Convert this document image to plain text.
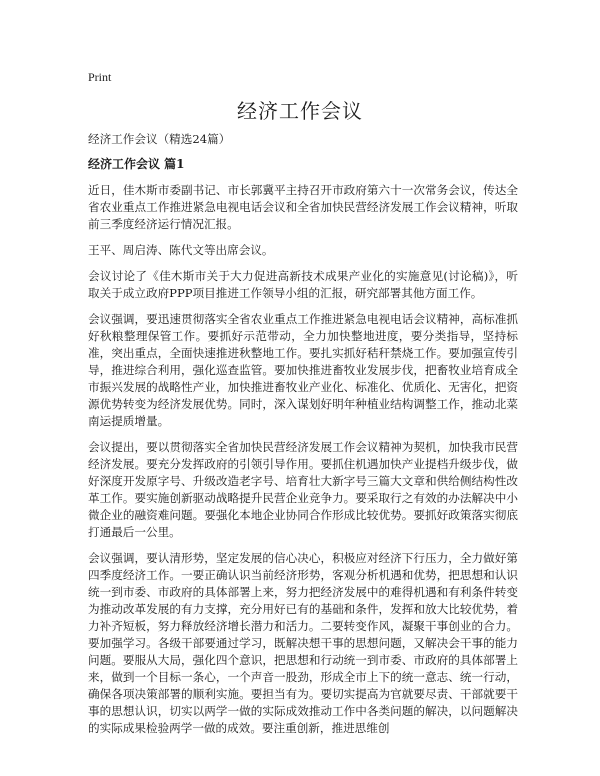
Print
经济工作会议

经济工作会议（精选24篇）

经济工作会议 篇1

近日，佳木斯市委副书记、市长郭冀平主持召开市政府第六十一次常务会议，传达全省农业重点工作推进紧急电视电话会议和全省加快民营经济发展工作会议精神，听取前三季度经济运行情况汇报。

王平、周启涛、陈代文等出席会议。

会议讨论了《佳木斯市关于大力促进高新技术成果产业化的实施意见(讨论稿)》，听取关于成立政府PPP项目推进工作领导小组的汇报，研究部署其他方面工作。

会议强调，要迅速贯彻落实全省农业重点工作推进紧急电视电话会议精神，高标准抓好秋粮整理保管工作。要抓好示范带动，全力加快整地进度，要分类指导，坚持标准，突出重点，全面快速推进秋整地工作。要扎实抓好秸秆禁烧工作。要加强宣传引导，推进综合利用，强化巡查监管。要加快推进畜牧业发展步伐，把畜牧业培育成全市振兴发展的战略性产业，加快推进畜牧业产业化、标准化、优质化、无害化，把资源优势转变为经济发展优势。同时，深入谋划好明年种植业结构调整工作，推动北菜南运提质增量。

会议提出，要以贯彻落实全省加快民营经济发展工作会议精神为契机，加快我市民营经济发展。要充分发挥政府的引领引导作用。要抓住机遇加快产业提档升级步伐，做好深度开发原字号、升级改造老字号、培育壮大新字号三篇大文章和供给侧结构性改革工作。要实施创新驱动战略提升民营企业竞争力。要采取行之有效的办法解决中小微企业的融资难问题。要强化本地企业协同合作形成比较优势。要抓好政策落实彻底打通最后一公里。

会议强调，要认清形势，坚定发展的信心决心，积极应对经济下行压力，全力做好第四季度经济工作。一要正确认识当前经济形势，客观分析机遇和优势，把思想和认识统一到市委、市政府的具体部署上来，努力把经济发展中的难得机遇和有利条件转变为推动改革发展的有力支撑，充分用好已有的基础和条件，发挥和放大比较优势，着力补齐短板，努力释放经济增长潜力和活力。二要转变作风，凝聚干事创业的合力。要加强学习。各级干部要通过学习，既解决想干事的思想问题，又解决会干事的能力问题。要服从大局，强化四个意识，把思想和行动统一到市委、市政府的具体部署上来，做到一个目标一条心，一个声音一股劲，形成全市上下的统一意志、统一行动，确保各项决策部署的顺利实施。要担当有为。要切实提高为官就要尽责、干部就要干事的思想认识，切实以两学一做的实际成效推动工作中各类问题的解决，以问题解决的实际成果检验两学一做的成效。要注重创新，推进思维创
